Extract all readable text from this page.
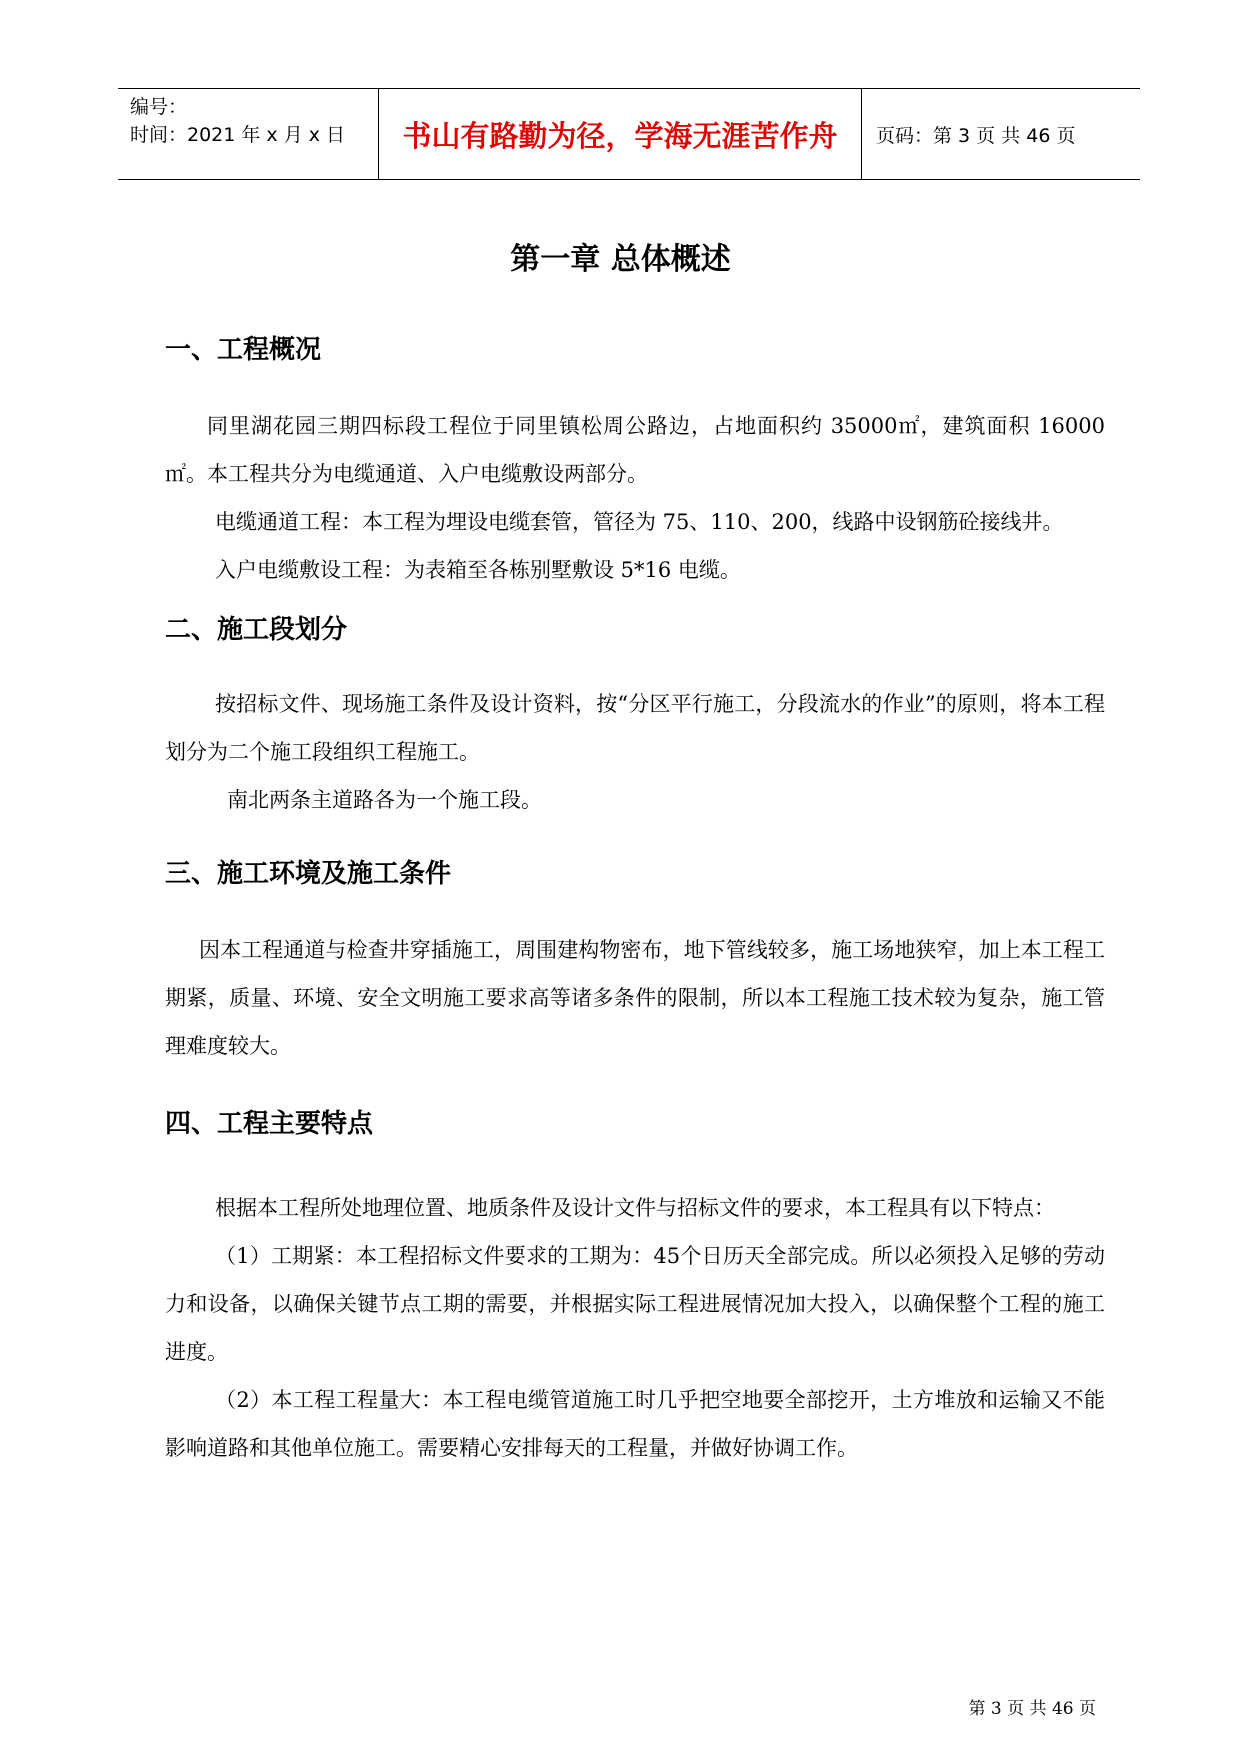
编号：
时间：2021 年 x 月 x 日	书山有路勤为径，学海无涯苦作舟	页码：第 3 页 共 46 页
第一章 总体概述
一、工程概况

同里湖花园三期四标段工程位于同里镇松周公路边，占地面积约 35000㎡，建筑面积 16000㎡。本工程共分为电缆通道、入户电缆敷设两部分。

电缆通道工程：本工程为埋设电缆套管，管径为 75、110、200，线路中设钢筋砼接线井。

入户电缆敷设工程：为表箱至各栋别墅敷设 5*16 电缆。

二、施工段划分

按招标文件、现场施工条件及设计资料，按“分区平行施工，分段流水的作业”的原则，将本工程划分为二个施工段组织工程施工。

南北两条主道路各为一个施工段。

三、施工环境及施工条件

因本工程通道与检查井穿插施工，周围建构物密布，地下管线较多，施工场地狭窄，加上本工程工期紧，质量、环境、安全文明施工要求高等诸多条件的限制，所以本工程施工技术较为复杂，施工管理难度较大。

四、工程主要特点

根据本工程所处地理位置、地质条件及设计文件与招标文件的要求，本工程具有以下特点：

（1）工期紧：本工程招标文件要求的工期为：45个日历天全部完成。所以必须投入足够的劳动力和设备，以确保关键节点工期的需要，并根据实际工程进展情况加大投入，以确保整个工程的施工进度。

（2）本工程工程量大：本工程电缆管道施工时几乎把空地要全部挖开，土方堆放和运输又不能影响道路和其他单位施工。需要精心安排每天的工程量，并做好协调工作。

第 3 页 共 46 页
